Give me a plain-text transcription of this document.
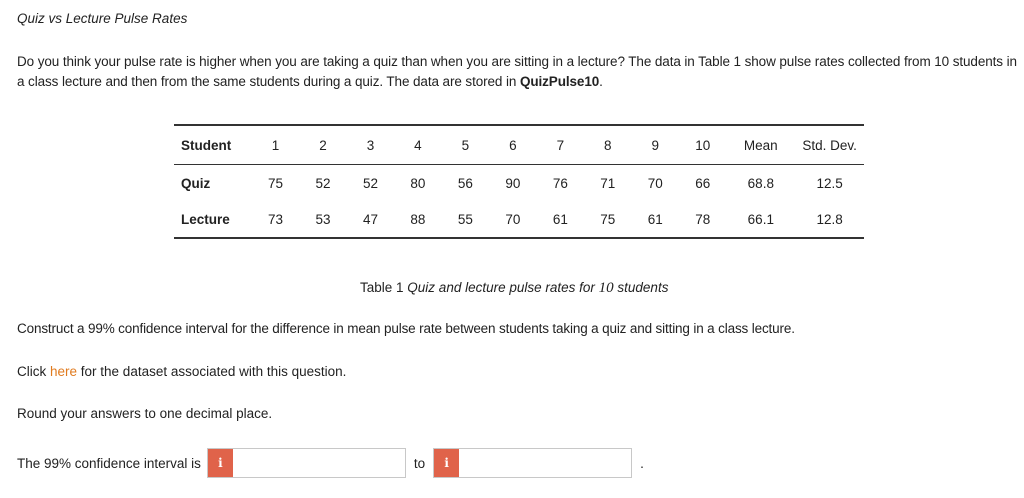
Quiz vs Lecture Pulse Rates
Do you think your pulse rate is higher when you are taking a quiz than when you are sitting in a lecture? The data in Table 1 show pulse rates collected from 10 students in a class lecture and then from the same students during a quiz. The data are stored in QuizPulse10.
Student	1	2	3	4	5	6	7	8	9	10	Mean	Std. Dev.
Quiz	75	52	52	80	56	90	76	71	70	66	68.8	12.5
Lecture	73	53	47	88	55	70	61	75	61	78	66.1	12.8
Table 1 Quiz and lecture pulse rates for 10 students
Construct a 99% confidence interval for the difference in mean pulse rate between students taking a quiz and sitting in a class lecture.
Click here for the dataset associated with this question.
Round your answers to one decimal place.
The 99% confidence interval is	i	to	i	.
